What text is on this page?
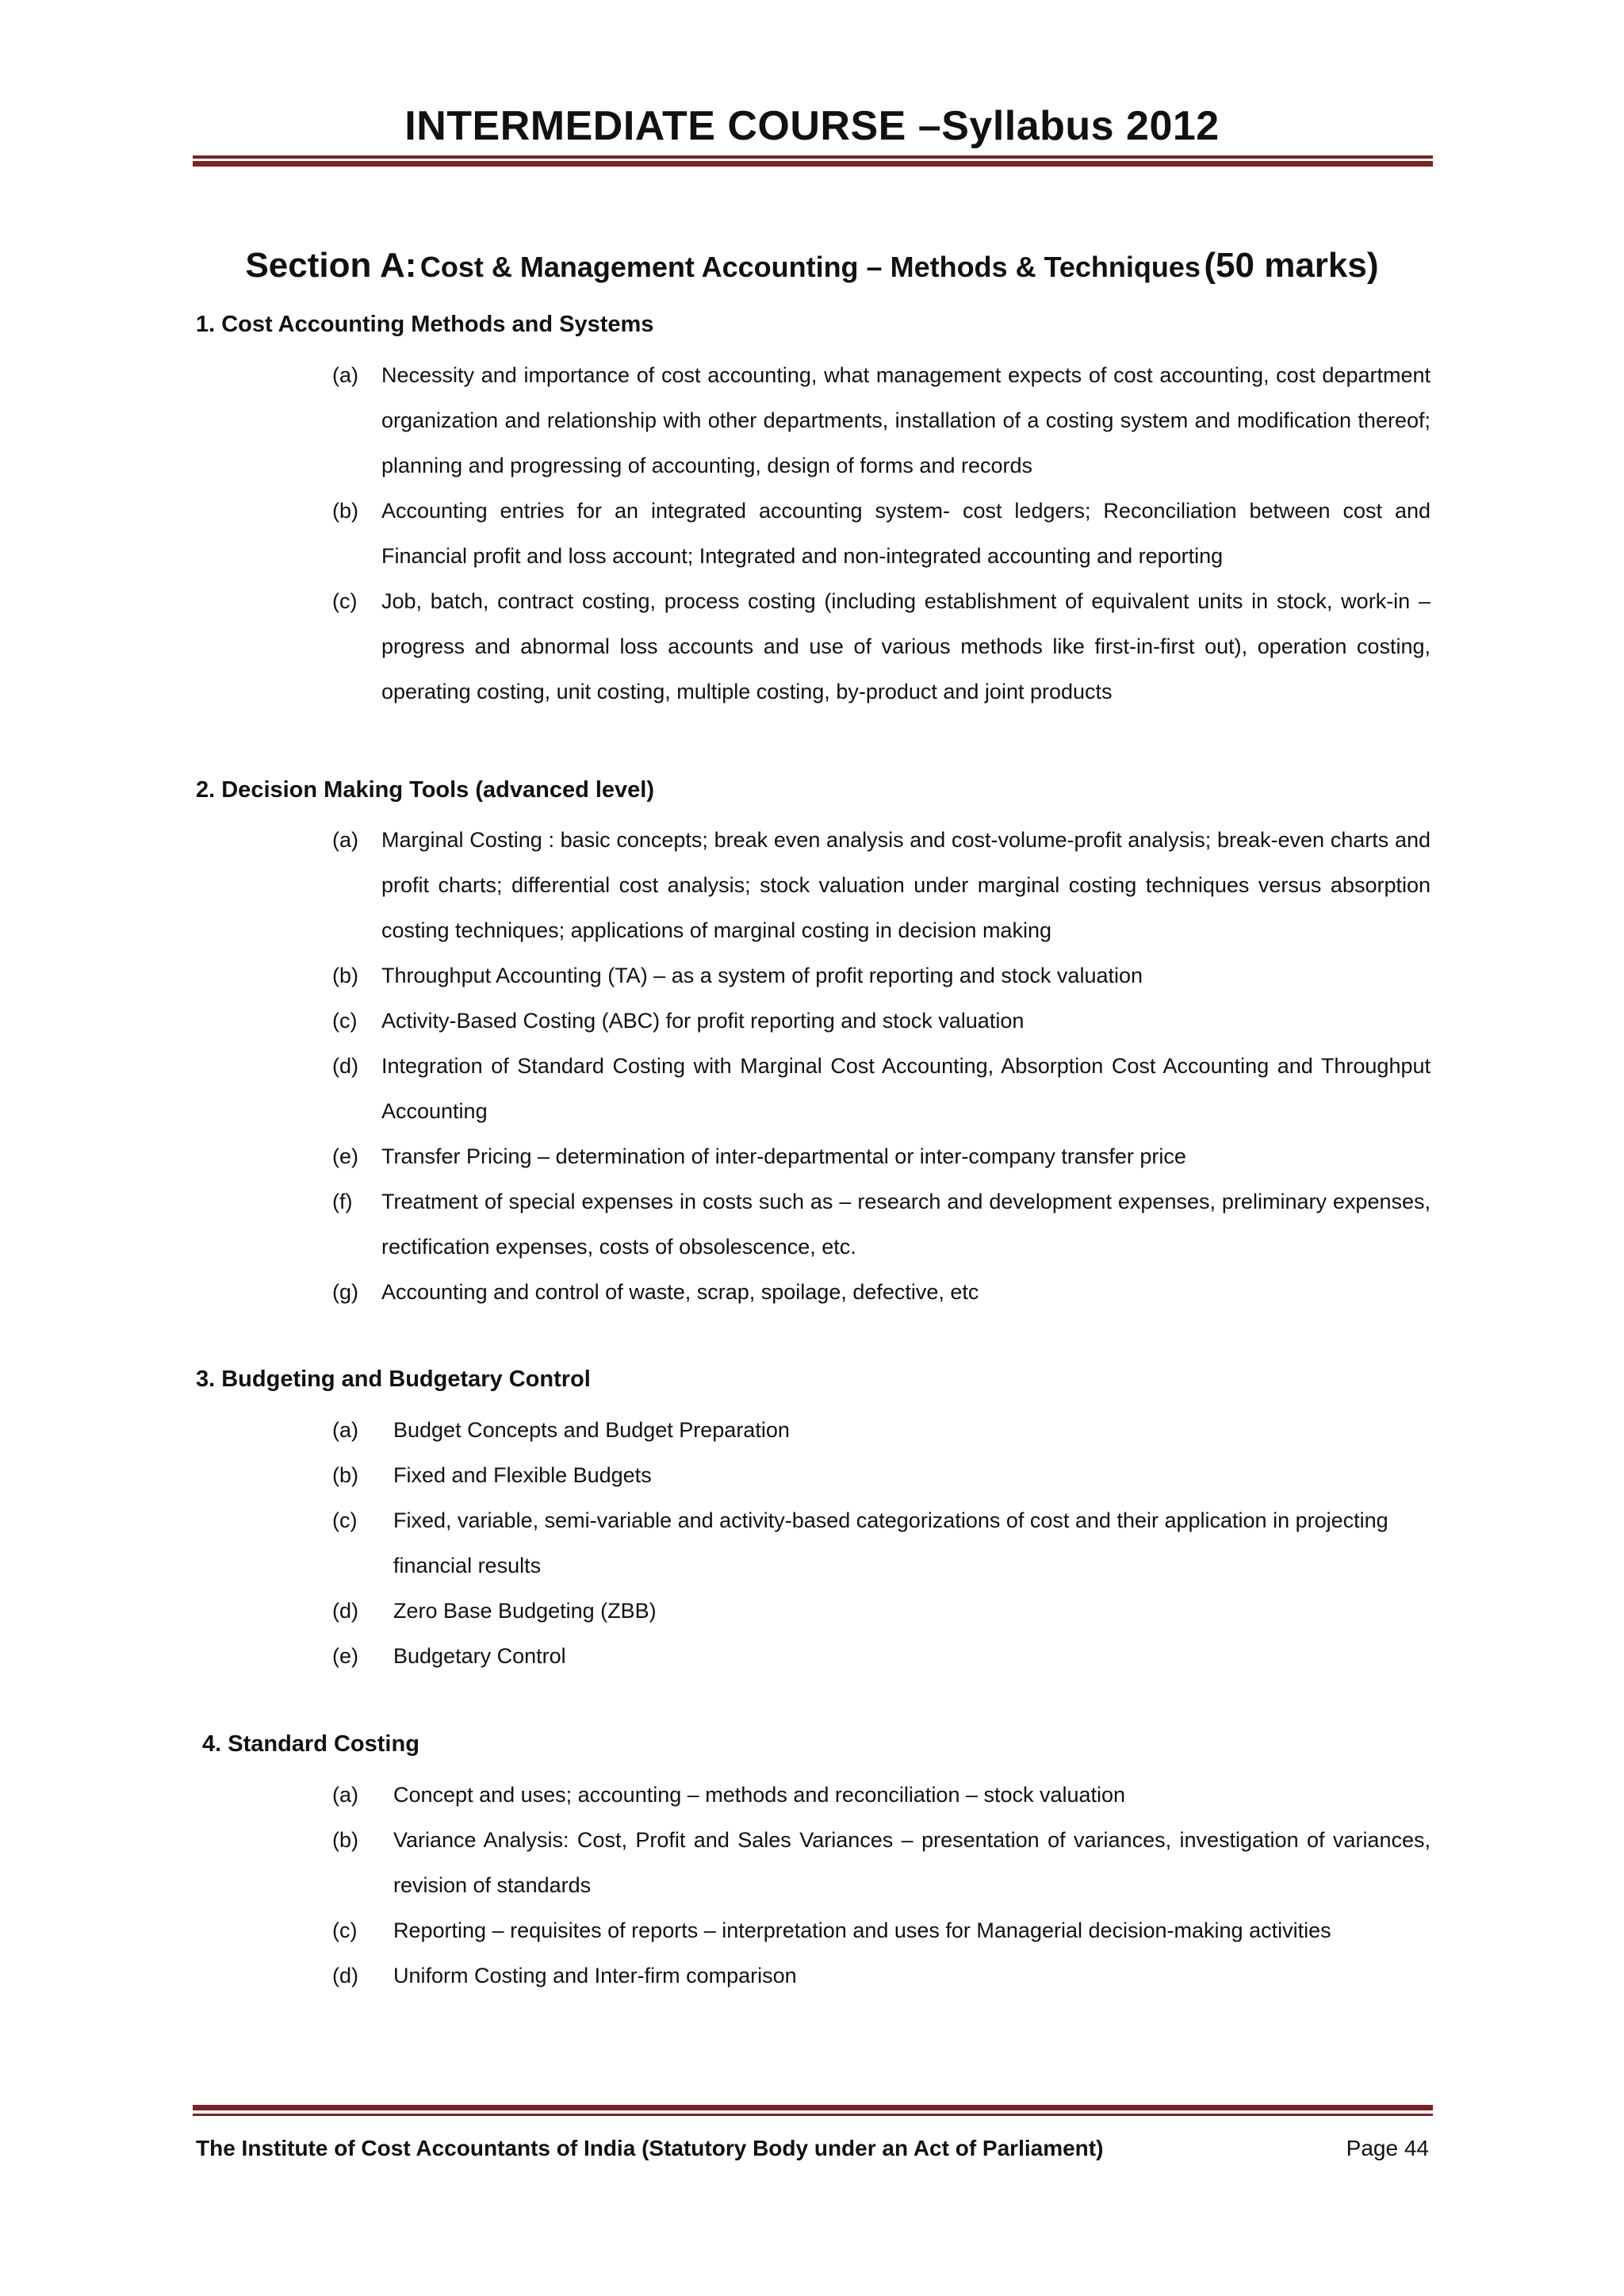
INTERMEDIATE COURSE –Syllabus 2012
Section A: Cost & Management Accounting – Methods & Techniques (50 marks)
1. Cost Accounting Methods and Systems
(a) Necessity and importance of cost accounting, what management expects of cost accounting, cost department organization and relationship with other departments, installation of a costing system and modification thereof; planning and progressing of accounting, design of forms and records
(b) Accounting entries for an integrated accounting system- cost ledgers; Reconciliation between cost and Financial profit and loss account; Integrated and non-integrated accounting and reporting
(c) Job, batch, contract costing, process costing (including establishment of equivalent units in stock, work-in – progress and abnormal loss accounts and use of various methods like first-in-first out), operation costing, operating costing, unit costing, multiple costing, by-product and joint products
2. Decision Making Tools (advanced level)
(a) Marginal Costing : basic concepts; break even analysis and cost-volume-profit analysis; break-even charts and profit charts; differential cost analysis; stock valuation under marginal costing techniques versus absorption costing techniques; applications of marginal costing in decision making
(b) Throughput Accounting (TA) – as a system of profit reporting and stock valuation
(c) Activity-Based Costing (ABC) for profit reporting and stock valuation
(d) Integration of Standard Costing with Marginal Cost Accounting, Absorption Cost Accounting and Throughput Accounting
(e) Transfer Pricing – determination of inter-departmental or inter-company transfer price
(f) Treatment of special expenses in costs such as – research and development expenses, preliminary expenses, rectification expenses, costs of obsolescence, etc.
(g) Accounting and control of waste, scrap, spoilage, defective, etc
3. Budgeting and Budgetary Control
(a) Budget Concepts and Budget Preparation
(b) Fixed and Flexible Budgets
(c) Fixed, variable, semi-variable and activity-based categorizations of cost and their application in projecting financial results
(d) Zero Base Budgeting (ZBB)
(e) Budgetary Control
4. Standard Costing
(a) Concept and uses; accounting – methods and reconciliation – stock valuation
(b) Variance Analysis: Cost, Profit and Sales Variances – presentation of variances, investigation of variances, revision of standards
(c) Reporting – requisites of reports – interpretation and uses for Managerial decision-making activities
(d) Uniform Costing and Inter-firm comparison
The Institute of Cost Accountants of India (Statutory Body under an Act of Parliament)	Page 44
